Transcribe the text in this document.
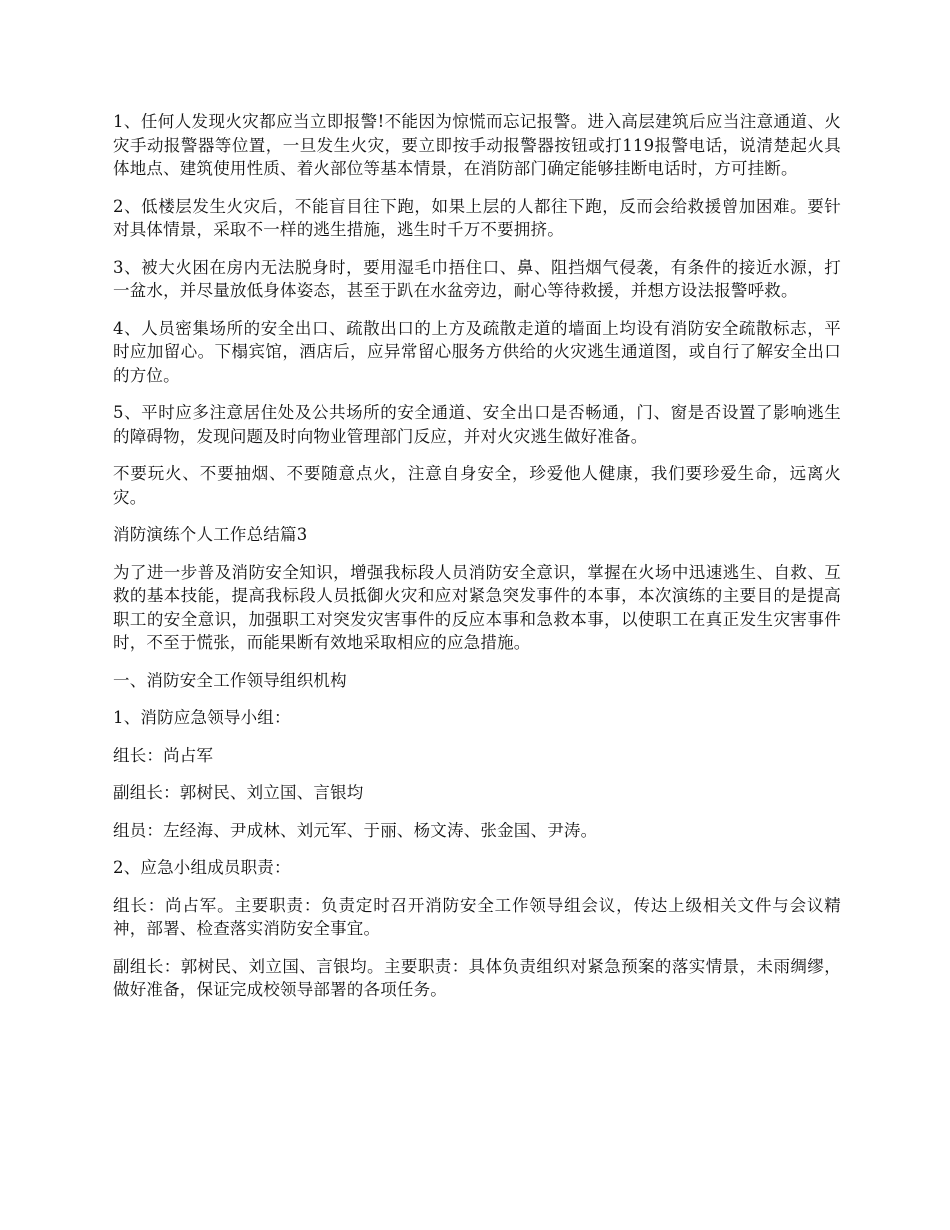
1、任何人发现火灾都应当立即报警!不能因为惊慌而忘记报警。进入高层建筑后应当注意通道、火灾手动报警器等位置，一旦发生火灾，要立即按手动报警器按钮或打119报警电话，说清楚起火具体地点、建筑使用性质、着火部位等基本情景，在消防部门确定能够挂断电话时，方可挂断。

2、低楼层发生火灾后，不能盲目往下跑，如果上层的人都往下跑，反而会给救援曾加困难。要针对具体情景，采取不一样的逃生措施，逃生时千万不要拥挤。

3、被大火困在房内无法脱身时，要用湿毛巾捂住口、鼻、阻挡烟气侵袭，有条件的接近水源，打一盆水，并尽量放低身体姿态，甚至于趴在水盆旁边，耐心等待救援，并想方设法报警呼救。

4、人员密集场所的安全出口、疏散出口的上方及疏散走道的墙面上均设有消防安全疏散标志，平时应加留心。下榻宾馆，酒店后，应异常留心服务方供给的火灾逃生通道图，或自行了解安全出口的方位。

5、平时应多注意居住处及公共场所的安全通道、安全出口是否畅通，门、窗是否设置了影响逃生的障碍物，发现问题及时向物业管理部门反应，并对火灾逃生做好准备。

不要玩火、不要抽烟、不要随意点火，注意自身安全，珍爱他人健康，我们要珍爱生命，远离火灾。

消防演练个人工作总结篇3

为了进一步普及消防安全知识，增强我标段人员消防安全意识，掌握在火场中迅速逃生、自救、互救的基本技能，提高我标段人员抵御火灾和应对紧急突发事件的本事，本次演练的主要目的是提高职工的安全意识，加强职工对突发灾害事件的反应本事和急救本事，以使职工在真正发生灾害事件时，不至于慌张，而能果断有效地采取相应的应急措施。

一、消防安全工作领导组织机构

1、消防应急领导小组：

组长：尚占军

副组长：郭树民、刘立国、言银均

组员：左经海、尹成林、刘元军、于丽、杨文涛、张金国、尹涛。

2、应急小组成员职责：

组长：尚占军。主要职责：负责定时召开消防安全工作领导组会议，传达上级相关文件与会议精神，部署、检查落实消防安全事宜。

副组长：郭树民、刘立国、言银均。主要职责：具体负责组织对紧急预案的落实情景，未雨绸缪，做好准备，保证完成校领导部署的各项任务。
